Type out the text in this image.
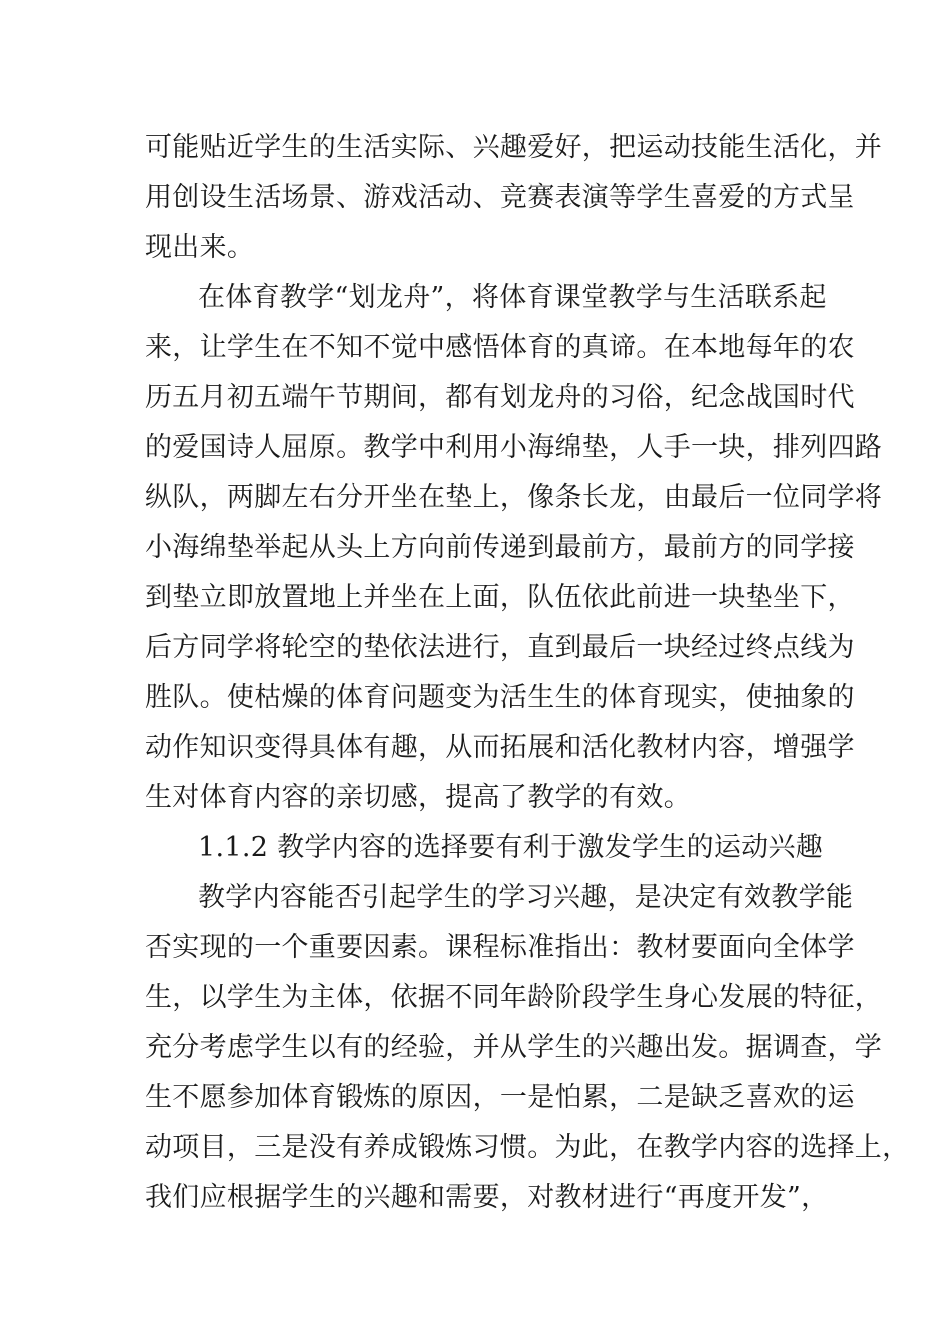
可能贴近学生的生活实际、兴趣爱好，把运动技能生活化，并
用创设生活场景、游戏活动、竞赛表演等学生喜爱的方式呈
现出来。
在体育教学“划龙舟”，将体育课堂教学与生活联系起
来，让学生在不知不觉中感悟体育的真谛。在本地每年的农
历五月初五端午节期间，都有划龙舟的习俗，纪念战国时代
的爱国诗人屈原。教学中利用小海绵垫，人手一块，排列四路
纵队，两脚左右分开坐在垫上，像条长龙，由最后一位同学将
小海绵垫举起从头上方向前传递到最前方，最前方的同学接
到垫立即放置地上并坐在上面，队伍依此前进一块垫坐下，
后方同学将轮空的垫依法进行，直到最后一块经过终点线为
胜队。使枯燥的体育问题变为活生生的体育现实，使抽象的
动作知识变得具体有趣，从而拓展和活化教材内容，增强学
生对体育内容的亲切感，提高了教学的有效。
1.1.2 教学内容的选择要有利于激发学生的运动兴趣
教学内容能否引起学生的学习兴趣，是决定有效教学能
否实现的一个重要因素。课程标准指出：教材要面向全体学
生，以学生为主体，依据不同年龄阶段学生身心发展的特征，
充分考虑学生以有的经验，并从学生的兴趣出发。据调查，学
生不愿参加体育锻炼的原因，一是怕累，二是缺乏喜欢的运
动项目，三是没有养成锻炼习惯。为此，在教学内容的选择上，
我们应根据学生的兴趣和需要，对教材进行“再度开发”，
